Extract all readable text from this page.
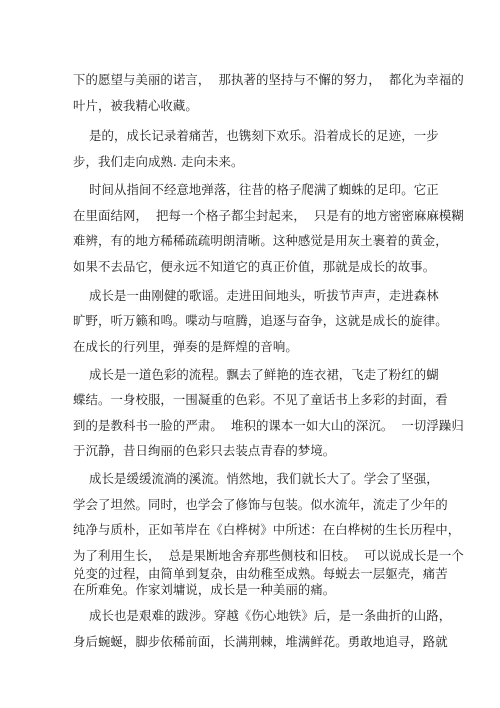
下的愿望与美丽的诺言，  那执著的坚持与不懈的努力，  都化为幸福的
叶片，被我精心收藏。
是的，成长记录着痛苦，也镌刻下欢乐。沿着成长的足迹，一步
步，我们走向成熟. 走向未来。
时间从指间不经意地弹落，往昔的格子爬满了蜘蛛的足印。它正
在里面结网，  把每一个格子都尘封起来，  只是有的地方密密麻麻模糊
难辨，有的地方稀稀疏疏明朗清晰。这种感觉是用灰土裹着的黄金，
如果不去品它，便永远不知道它的真正价值，那就是成长的故事。
成长是一曲刚健的歌谣。走进田间地头，听拔节声声，走进森林
旷野，听万籁和鸣。喋动与喧腾，追逐与奋争，这就是成长的旋律。
在成长的行列里，弹奏的是辉煌的音响。
成长是一道色彩的流程。飘去了鲜艳的连衣裙，飞走了粉红的蝴
蝶结。一身校服，一围凝重的色彩。不见了童话书上多彩的封面，看
到的是教科书一脸的严肃。  堆积的课本一如大山的深沉。  一切浮躁归
于沉静，昔日绚丽的色彩只去装点青春的梦境。
成长是缓缓流淌的溪流。悄然地，我们就长大了。学会了坚强，
学会了坦然。同时，也学会了修饰与包装。似水流年，流走了少年的
纯净与质朴，正如苇岸在《白桦树》中所述：在白桦树的生长历程中，
为了利用生长，  总是果断地舍弃那些侧枝和旧枝。  可以说成长是一个
兑变的过程，由简单到复杂，由幼稚至成熟。每蜕去一层躯壳，痛苦
在所难免。作家刘墉说，成长是一种美丽的痛。
成长也是艰难的跋涉。穿越《伤心地铁》后，是一条曲折的山路，
身后蜿蜒，脚步依稀前面，长满荆棘，堆满鲜花。勇敢地追寻，路就
